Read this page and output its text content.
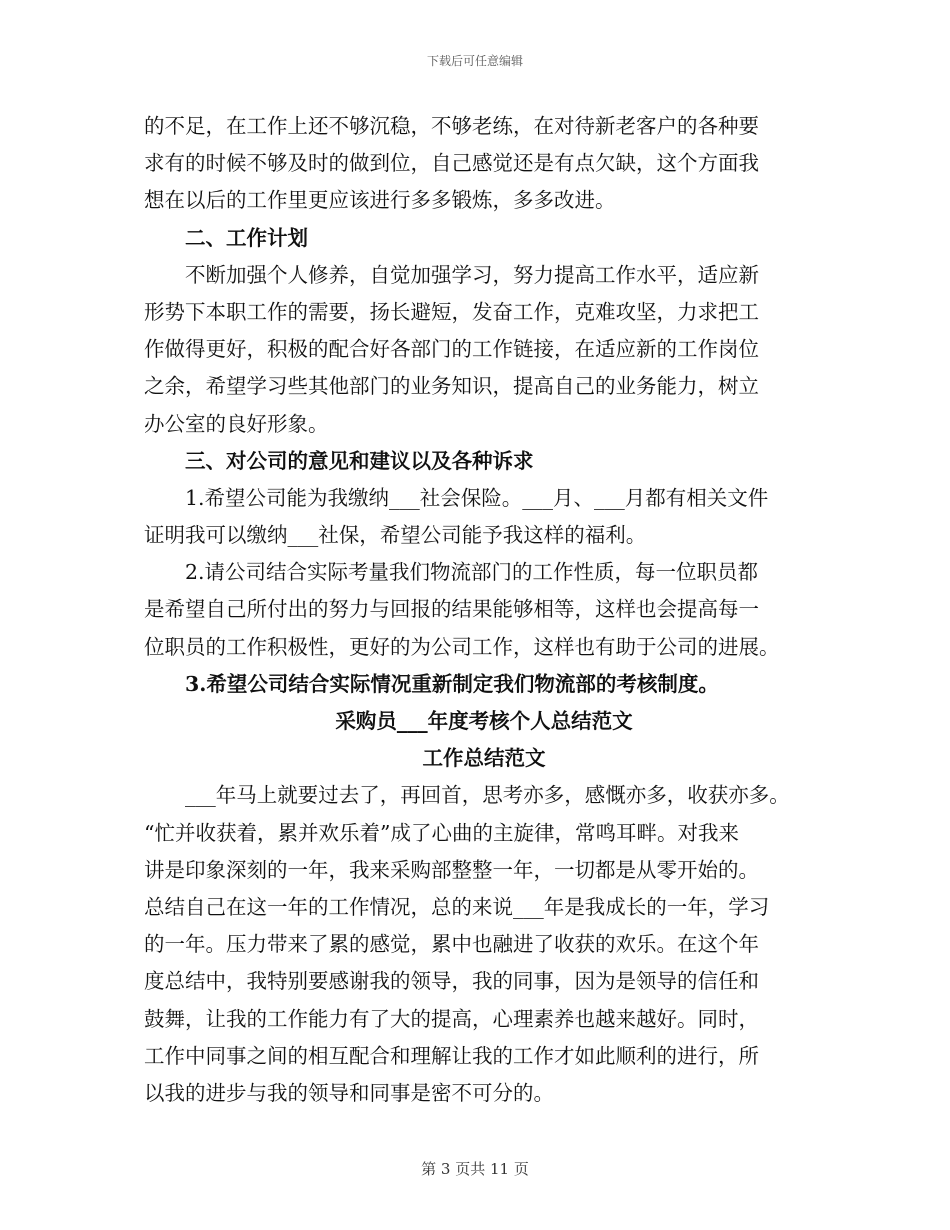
下载后可任意编辑
的不足，在工作上还不够沉稳，不够老练，在对待新老客户的各种要
求有的时候不够及时的做到位，自己感觉还是有点欠缺，这个方面我
想在以后的工作里更应该进行多多锻炼，多多改进。
二、工作计划
不断加强个人修养，自觉加强学习，努力提高工作水平，适应新
形势下本职工作的需要，扬长避短，发奋工作，克难攻坚，力求把工
作做得更好，积极的配合好各部门的工作链接，在适应新的工作岗位
之余，希望学习些其他部门的业务知识，提高自己的业务能力，树立
办公室的良好形象。
三、对公司的意见和建议以及各种诉求
1.希望公司能为我缴纳___社会保险。___月、___月都有相关文件
证明我可以缴纳___社保，希望公司能予我这样的福利。
2.请公司结合实际考量我们物流部门的工作性质，每一位职员都
是希望自己所付出的努力与回报的结果能够相等，这样也会提高每一
位职员的工作积极性，更好的为公司工作，这样也有助于公司的进展。
3.希望公司结合实际情况重新制定我们物流部的考核制度。
采购员___年度考核个人总结范文
工作总结范文
___年马上就要过去了，再回首，思考亦多，感慨亦多，收获亦多。
“忙并收获着，累并欢乐着”成了心曲的主旋律，常鸣耳畔。对我来
讲是印象深刻的一年，我来采购部整整一年，一切都是从零开始的。
总结自己在这一年的工作情况，总的来说___年是我成长的一年，学习
的一年。压力带来了累的感觉，累中也融进了收获的欢乐。在这个年
度总结中，我特别要感谢我的领导，我的同事，因为是领导的信任和
鼓舞，让我的工作能力有了大的提高，心理素养也越来越好。同时，
工作中同事之间的相互配合和理解让我的工作才如此顺利的进行，所
以我的进步与我的领导和同事是密不可分的。
第 3 页共 11 页
